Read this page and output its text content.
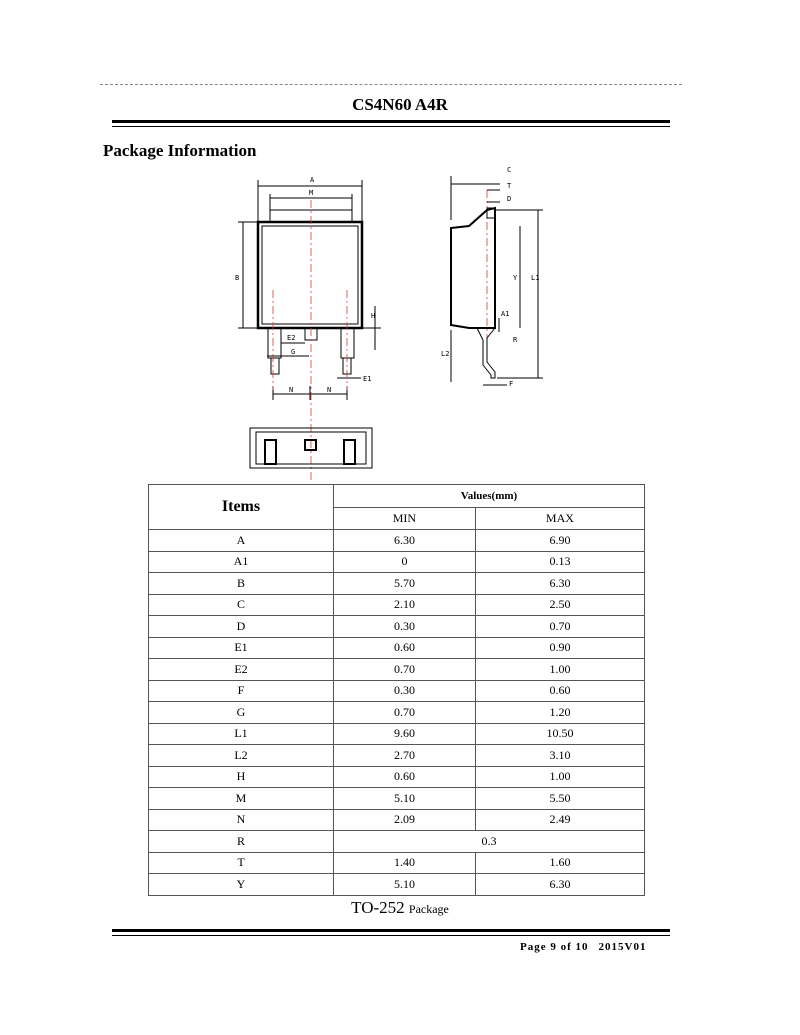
CS4N60 A4R
Package Information
A
M
B
H
E2
G
E1
N	N
C
T
D
Y L1
A1
R
L2
F
Items	Values(mm)	
	MIN	MAX
A	6.30	6.90
A1	0	0.13
B	5.70	6.30
C	2.10	2.50
D	0.30	0.70
E1	0.60	0.90
E2	0.70	1.00
F	0.30	0.60
G	0.70	1.20
L1	9.60	10.50
L2	2.70	3.10
H	0.60	1.00
M	5.10	5.50
N	2.09	2.49
R	0.3	
T	1.40	1.60
Y	5.10	6.30
TO-252 Package
Page 9 of 10 2015V01
